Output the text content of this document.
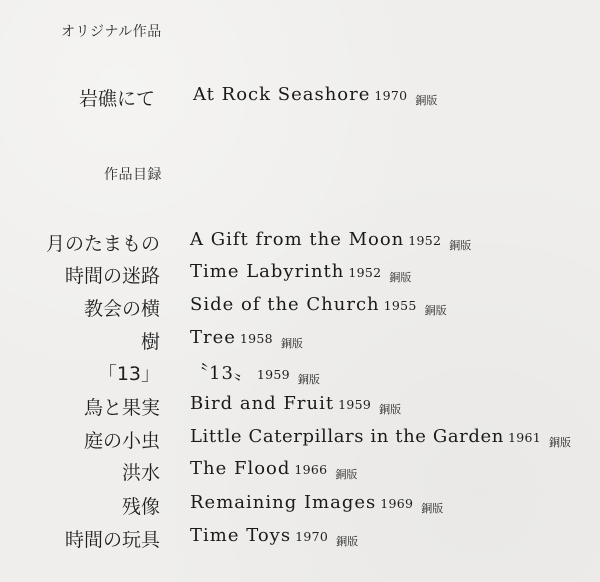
オリジナル作品
岩礁にて At Rock Seashore 1970 $_{銅版}$
作品目録
月のたまもの A Gift from the Moon 1952 $_{銅版}$
時間の迷路 Time Labyrinth 1952 $_{銅版}$
教会の横 Side of the Church 1955 $_{銅版}$
樹 Tree 1958 $_{銅版}$
「13」 〝13〟 1959 $_{銅版}$
鳥と果実 Bird and Fruit 1959 $_{銅版}$
庭の小虫 Little Caterpillars in the Garden 1961 $_{銅版}$
洪水 The Flood 1966 $_{銅版}$
残像 Remaining Images 1969 $_{銅版}$
時間の玩具 Time Toys 1970 $_{銅版}$
